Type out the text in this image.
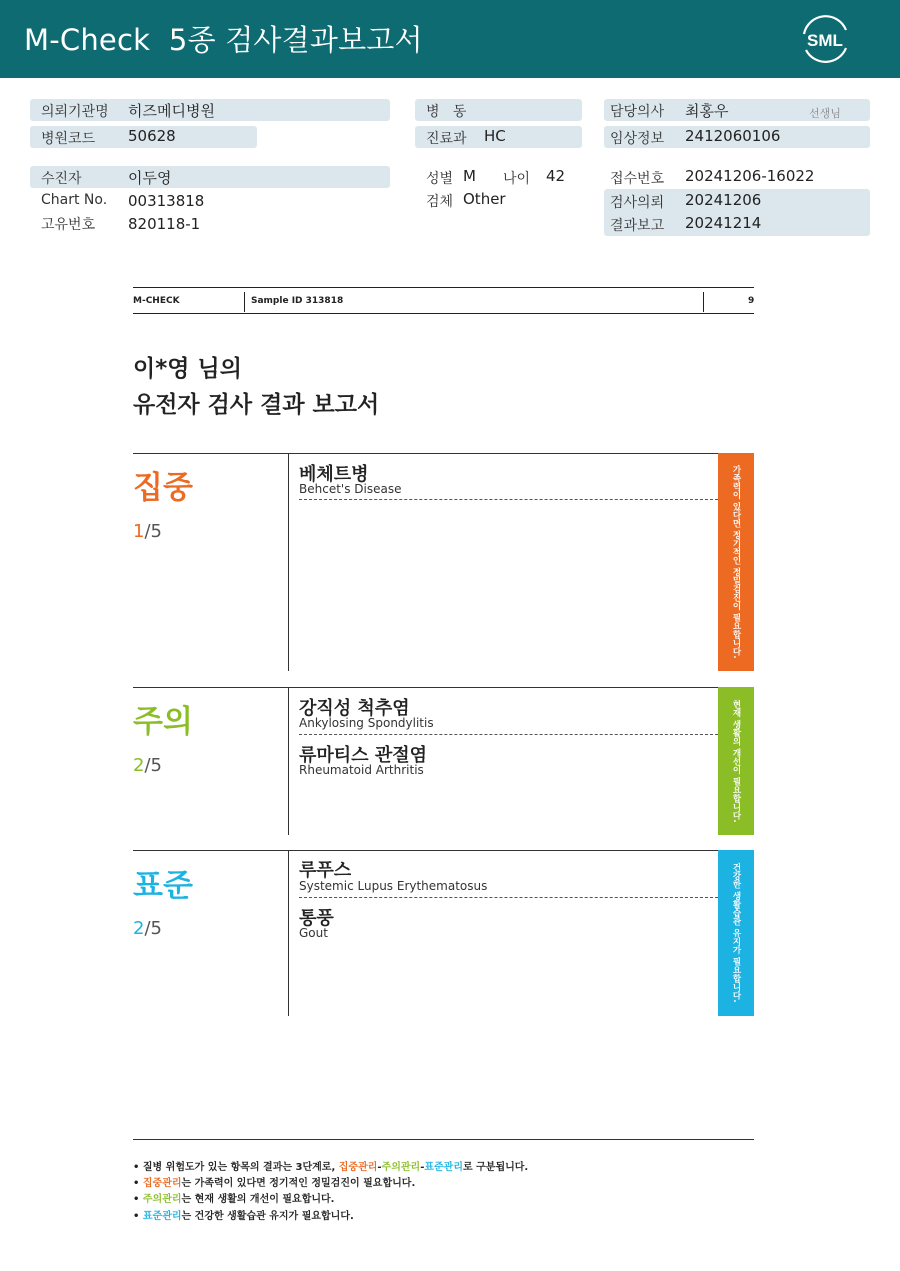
M-Check  5종 검사결과보고서	SML
의뢰기관명 히즈메디병원
병원코드 50628
수진자	이두영
Chart No. 00313818
고유번호 820118-1
병   동
진료과 HC
성별 M 나이 42
검체 Other
담당의사 최홍우	선생님
임상정보 2412060106
접수번호 20241206-16022
검사의뢰 20241206
결과보고 20241214
M-CHECK	Sample ID 313818	9
이*영 님의
유전자 검사 결과 보고서
집중
1/5	가족력이 있다면 정기적인 정밀검진이 필요합니다.
베체트병
Behcet's Disease
주의
2/5	현재 생활의 개선이 필요합니다.
강직성 척추염
Ankylosing Spondylitis
류마티스 관절염
Rheumatoid Arthritis
표준
2/5	건강한 생활습관 유지가 필요합니다.
루푸스
Systemic Lupus Erythematosus
통풍
Gout
• 질병 위험도가 있는 항목의 결과는 3단계로, 집중관리-주의관리-표준관리로 구분됩니다.
• 집중관리는 가족력이 있다면 정기적인 정밀검진이 필요합니다.
• 주의관리는 현재 생활의 개선이 필요합니다.
• 표준관리는 건강한 생활습관 유지가 필요합니다.
